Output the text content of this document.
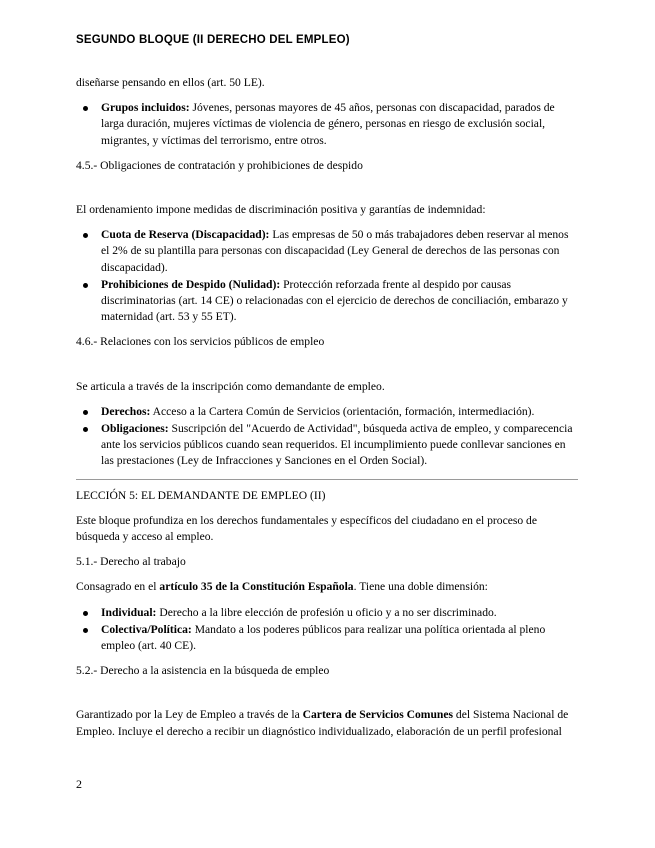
SEGUNDO BLOQUE (II DERECHO DEL EMPLEO)

diseñarse pensando en ellos (art. 50 LE).

Grupos incluidos: Jóvenes, personas mayores de 45 años, personas con discapacidad, parados de larga duración, mujeres víctimas de violencia de género, personas en riesgo de exclusión social, migrantes, y víctimas del terrorismo, entre otros.

4.5.- Obligaciones de contratación y prohibiciones de despido

El ordenamiento impone medidas de discriminación positiva y garantías de indemnidad:

Cuota de Reserva (Discapacidad): Las empresas de 50 o más trabajadores deben reservar al menos el 2% de su plantilla para personas con discapacidad (Ley General de derechos de las personas con discapacidad).
Prohibiciones de Despido (Nulidad): Protección reforzada frente al despido por causas discriminatorias (art. 14 CE) o relacionadas con el ejercicio de derechos de conciliación, embarazo y maternidad (art. 53 y 55 ET).

4.6.- Relaciones con los servicios públicos de empleo

Se articula a través de la inscripción como demandante de empleo.

Derechos: Acceso a la Cartera Común de Servicios (orientación, formación, intermediación).
Obligaciones: Suscripción del "Acuerdo de Actividad", búsqueda activa de empleo, y comparecencia ante los servicios públicos cuando sean requeridos. El incumplimiento puede conllevar sanciones en las prestaciones (Ley de Infracciones y Sanciones en el Orden Social).

LECCIÓN 5: EL DEMANDANTE DE EMPLEO (II)

Este bloque profundiza en los derechos fundamentales y específicos del ciudadano en el proceso de búsqueda y acceso al empleo.

5.1.- Derecho al trabajo

Consagrado en el artículo 35 de la Constitución Española. Tiene una doble dimensión:

Individual: Derecho a la libre elección de profesión u oficio y a no ser discriminado.
Colectiva/Política: Mandato a los poderes públicos para realizar una política orientada al pleno empleo (art. 40 CE).

5.2.- Derecho a la asistencia en la búsqueda de empleo

Garantizado por la Ley de Empleo a través de la Cartera de Servicios Comunes del Sistema Nacional de Empleo. Incluye el derecho a recibir un diagnóstico individualizado, elaboración de un perfil profesional

2
